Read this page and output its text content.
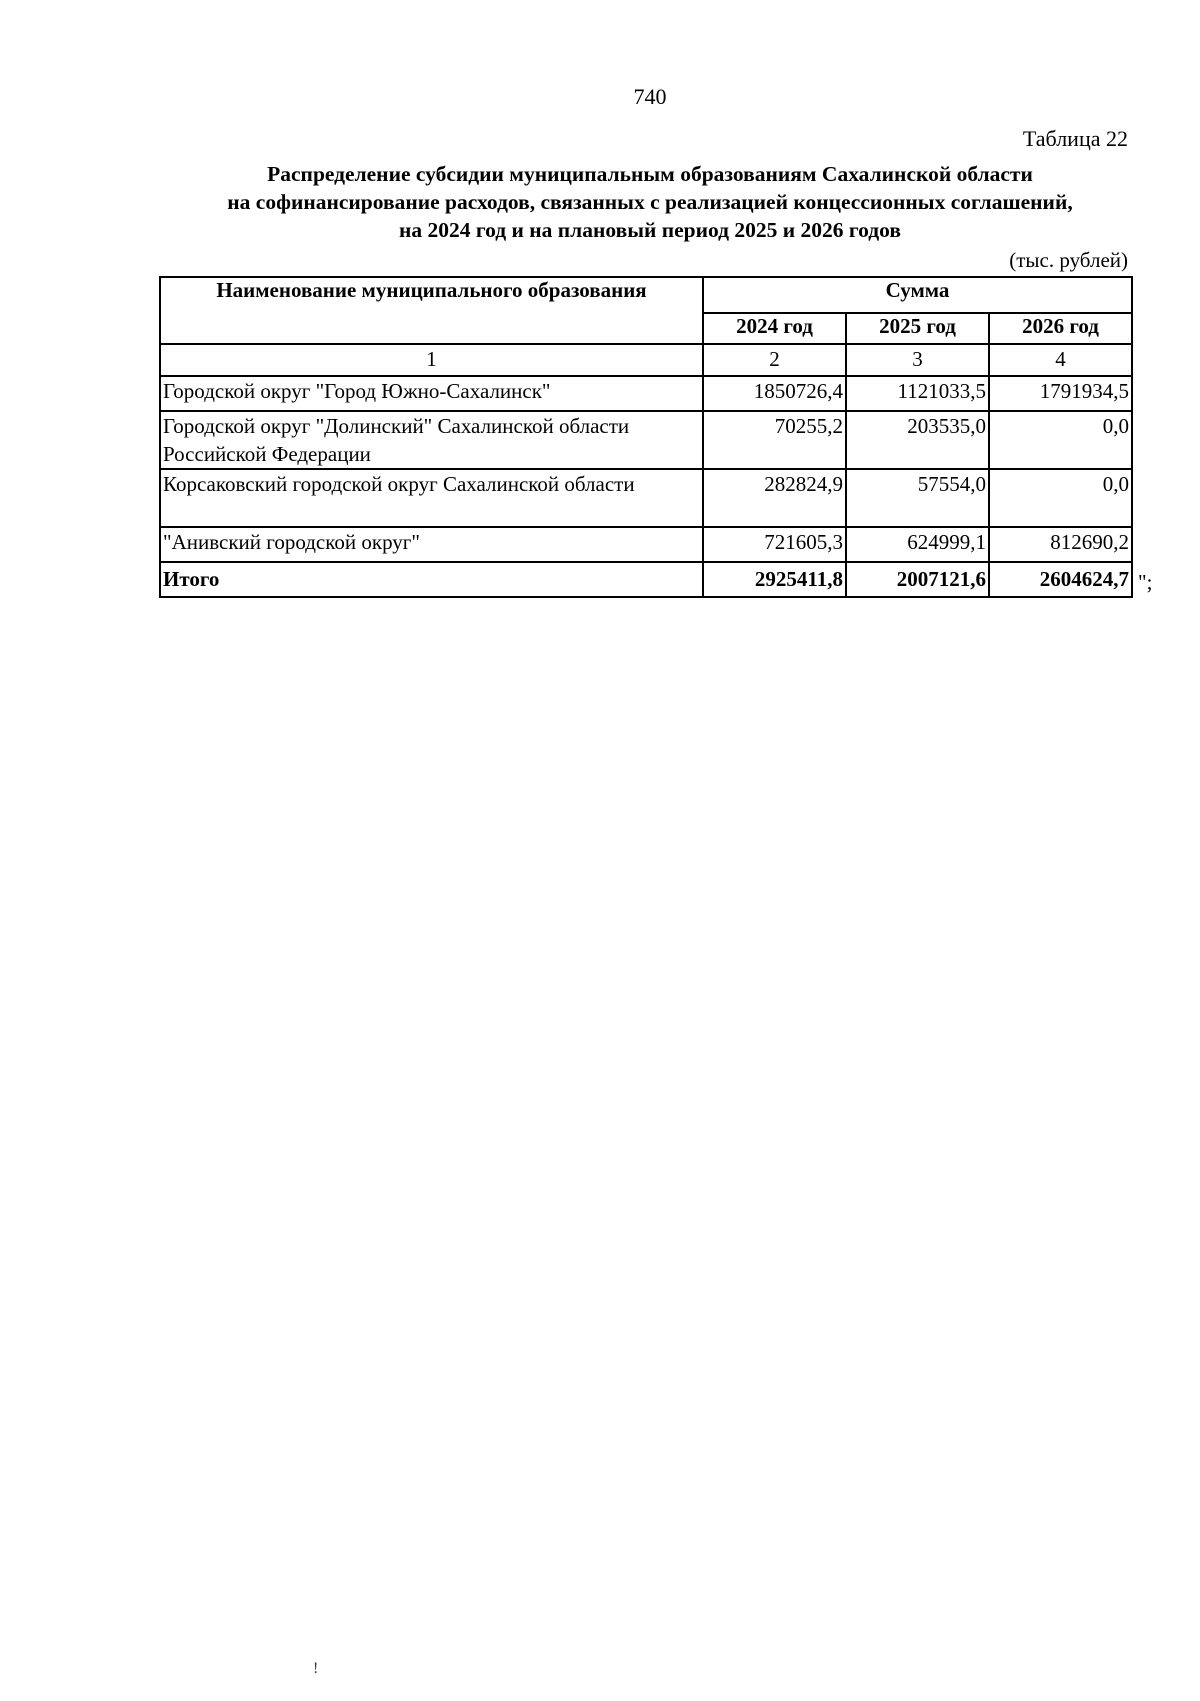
740
Таблица 22
Распределение субсидии муниципальным образованиям Сахалинской области
на софинансирование расходов, связанных с реализацией концессионных соглашений,
на 2024 год и на плановый период 2025 и 2026 годов
(тыс. рублей)
Наименование муниципального образования	Сумма		
	2024 год	2025 год	2026 год
1	2	3	4
Городской округ "Город Южно-Сахалинск"	1850726,4	1121033,5	1791934,5
Городской округ "Долинский" Сахалинской области Российской Федерации	70255,2	203535,0	0,0
Корсаковский городской округ Сахалинской области	282824,9	57554,0	0,0
"Анивский городской округ"	721605,3	624999,1	812690,2
Итого	2925411,8	2007121,6	2604624,7 ";
!
